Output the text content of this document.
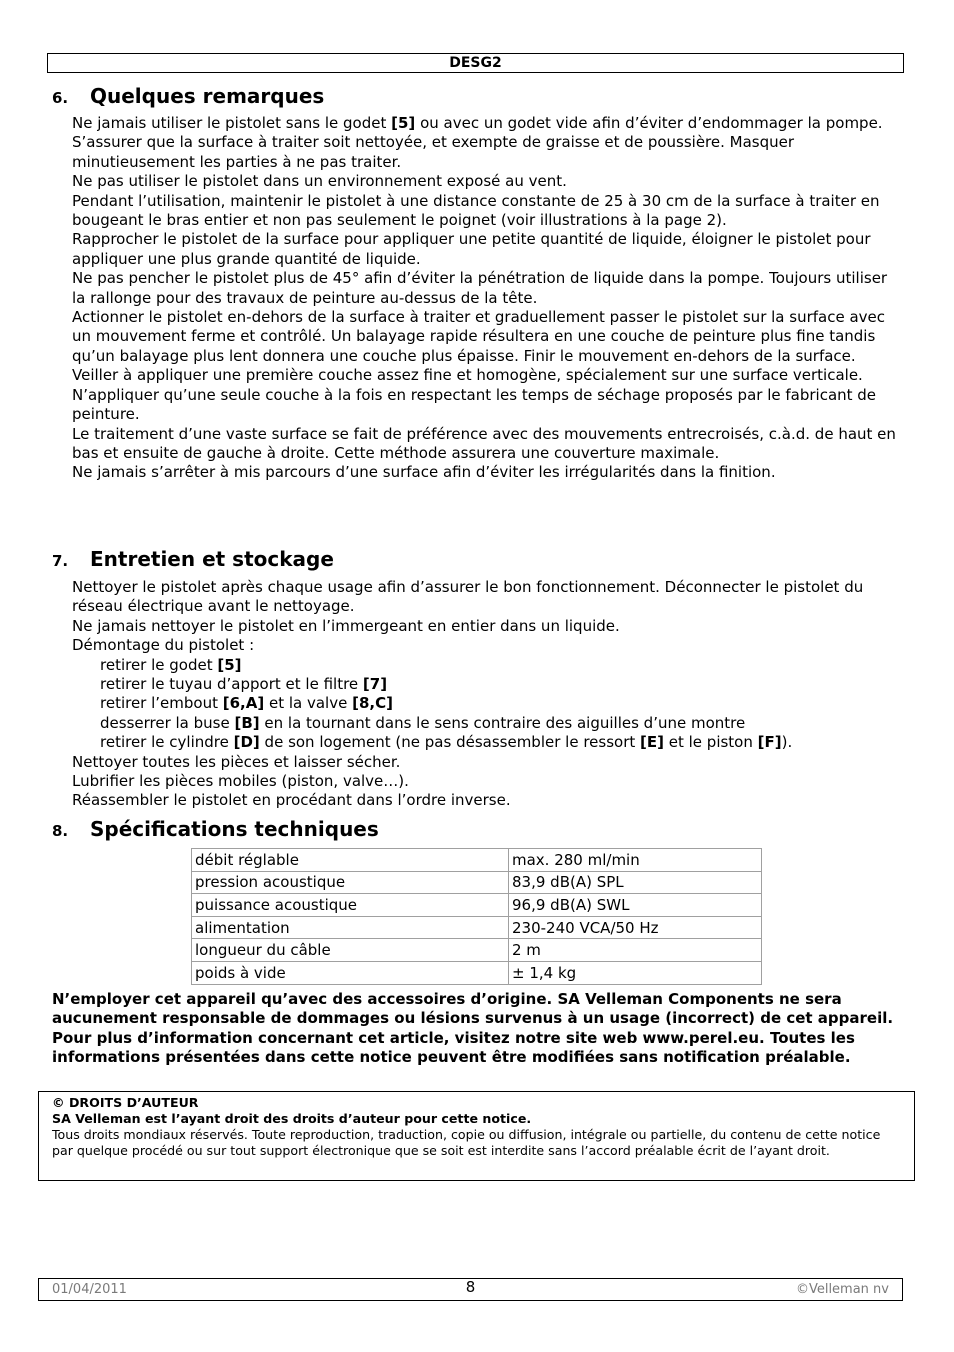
DESG2
6. Quelques remarques

Ne jamais utiliser le pistolet sans le godet [5] ou avec un godet vide afin d’éviter d’endommager la pompe.

S’assurer que la surface à traiter soit nettoyée, et exempte de graisse et de poussière. Masquer minutieusement les parties à ne pas traiter.

Ne pas utiliser le pistolet dans un environnement exposé au vent.

Pendant l’utilisation, maintenir le pistolet à une distance constante de 25 à 30 cm de la surface à traiter en bougeant le bras entier et non pas seulement le poignet (voir illustrations à la page 2).

Rapprocher le pistolet de la surface pour appliquer une petite quantité de liquide, éloigner le pistolet pour appliquer une plus grande quantité de liquide.

Ne pas pencher le pistolet plus de 45° afin d’éviter la pénétration de liquide dans la pompe. Toujours utiliser la rallonge pour des travaux de peinture au-dessus de la tête.

Actionner le pistolet en-dehors de la surface à traiter et graduellement passer le pistolet sur la surface avec un mouvement ferme et contrôlé. Un balayage rapide résultera en une couche de peinture plus fine tandis qu’un balayage plus lent donnera une couche plus épaisse. Finir le mouvement en-dehors de la surface.

Veiller à appliquer une première couche assez fine et homogène, spécialement sur une surface verticale.

N’appliquer qu’une seule couche à la fois en respectant les temps de séchage proposés par le fabricant de peinture.

Le traitement d’une vaste surface se fait de préférence avec des mouvements entrecroisés, c.à.d. de haut en bas et ensuite de gauche à droite. Cette méthode assurera une couverture maximale.

Ne jamais s’arrêter à mis parcours d’une surface afin d’éviter les irrégularités dans la finition.

7. Entretien et stockage

Nettoyer le pistolet après chaque usage afin d’assurer le bon fonctionnement. Déconnecter le pistolet du réseau électrique avant le nettoyage.

Ne jamais nettoyer le pistolet en l’immergeant en entier dans un liquide.

Démontage du pistolet :

retirer le godet [5]

retirer le tuyau d’apport et le filtre [7]

retirer l’embout [6,A] et la valve [8,C]

desserrer la buse [B] en la tournant dans le sens contraire des aiguilles d’une montre

retirer le cylindre [D] de son logement (ne pas désassembler le ressort [E] et le piston [F]).

Nettoyer toutes les pièces et laisser sécher.

Lubrifier les pièces mobiles (piston, valve…).

Réassembler le pistolet en procédant dans l’ordre inverse.

8. Spécifications techniques
débit réglable	max. 280 ml/min
pression acoustique	83,9 dB(A) SPL
puissance acoustique	96,9 dB(A) SWL
alimentation	230-240 VCA/50 Hz
longueur du câble	2 m
poids à vide	± 1,4 kg

N’employer cet appareil qu’avec des accessoires d’origine. SA Velleman Components ne sera aucunement responsable de dommages ou lésions survenus à un usage (incorrect) de cet appareil. Pour plus d’information concernant cet article, visitez notre site web www.perel.eu. Toutes les informations présentées dans cette notice peuvent être modifiées sans notification préalable.

© DROITS D’AUTEUR

SA Velleman est l’ayant droit des droits d’auteur pour cette notice.

Tous droits mondiaux réservés. Toute reproduction, traduction, copie ou diffusion, intégrale ou partielle, du contenu de cette notice par quelque procédé ou sur tout support électronique que se soit est interdite sans l’accord préalable écrit de l’ayant droit.

01/04/2011	8	©Velleman nv
